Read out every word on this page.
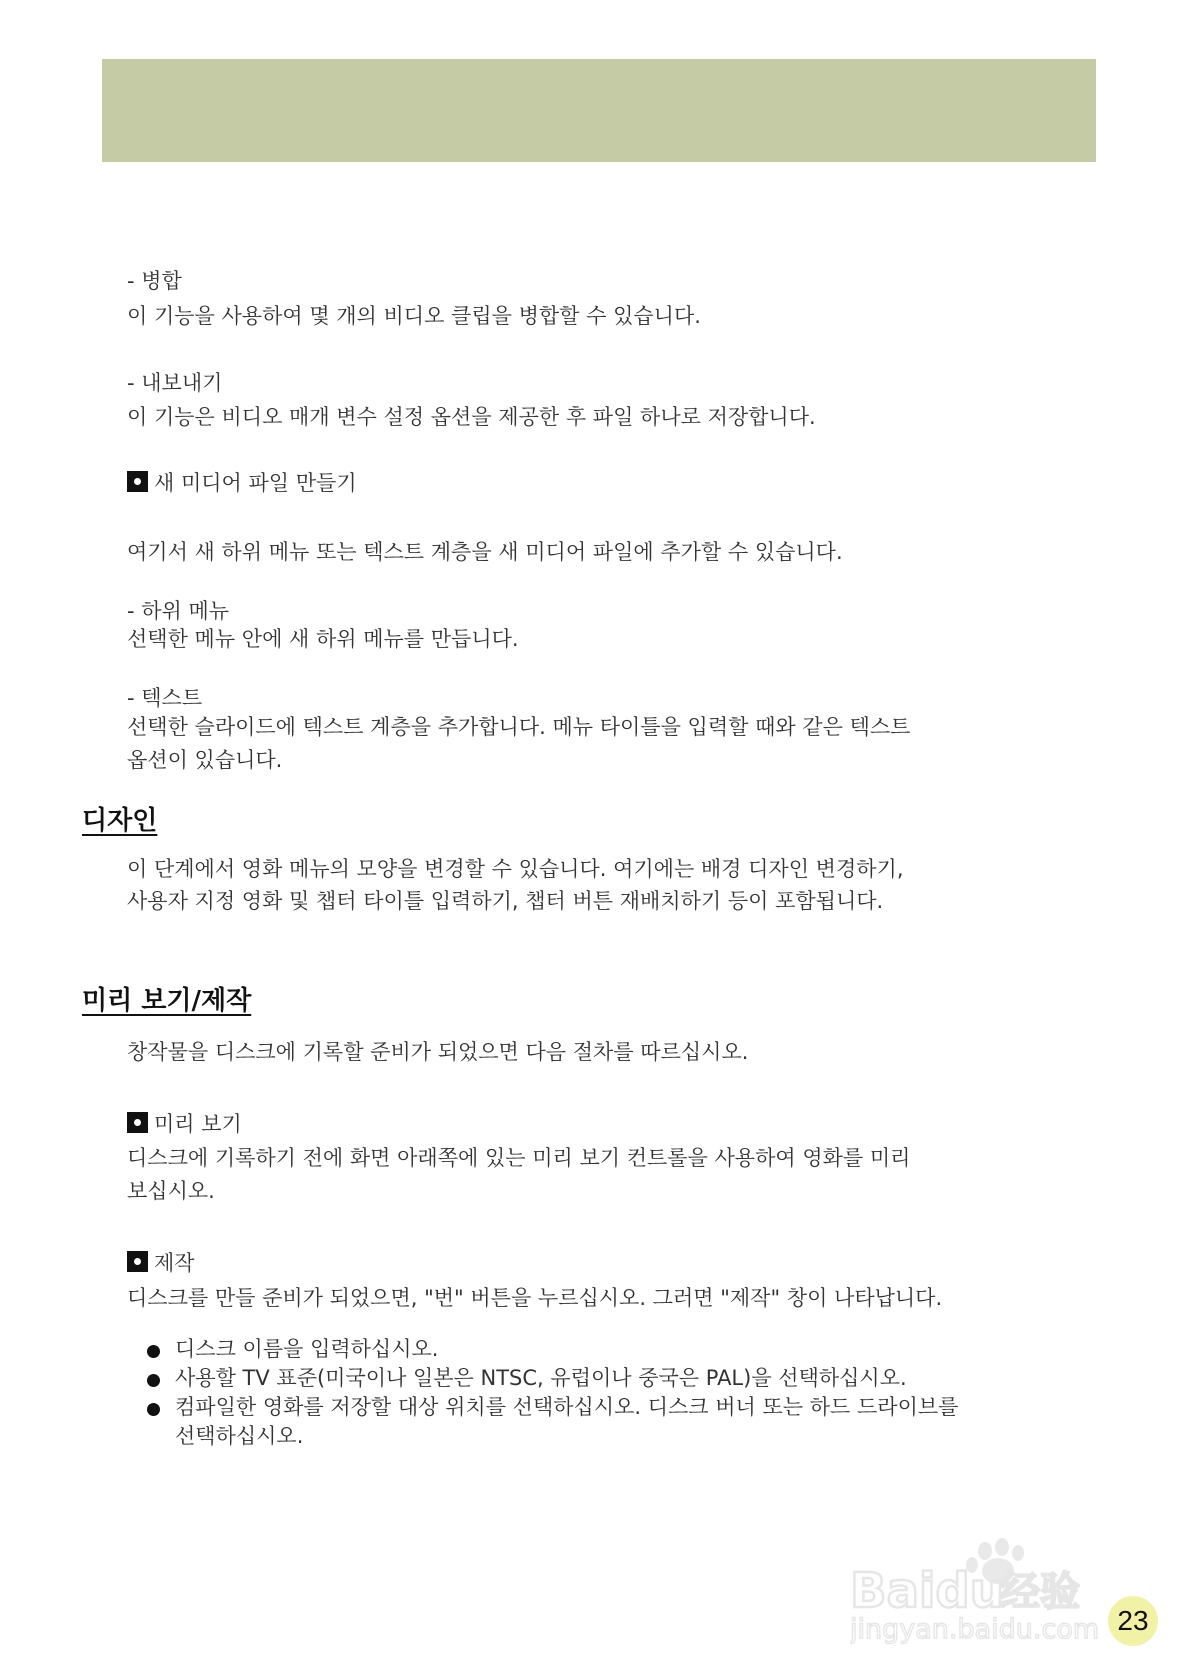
- 병합
이 기능을 사용하여 몇 개의 비디오 클립을 병합할 수 있습니다.
- 내보내기
이 기능은 비디오 매개 변수 설정 옵션을 제공한 후 파일 하나로 저장합니다.
새 미디어 파일 만들기
여기서 새 하위 메뉴 또는 텍스트 계층을 새 미디어 파일에 추가할 수 있습니다.
- 하위 메뉴
선택한 메뉴 안에 새 하위 메뉴를 만듭니다.
- 텍스트
선택한 슬라이드에 텍스트 계층을 추가합니다. 메뉴 타이틀을 입력할 때와 같은 텍스트
옵션이 있습니다.
디자인
이 단계에서 영화 메뉴의 모양을 변경할 수 있습니다. 여기에는 배경 디자인 변경하기,
사용자 지정 영화 및 챕터 타이틀 입력하기, 챕터 버튼 재배치하기 등이 포함됩니다.
미리 보기/제작
창작물을 디스크에 기록할 준비가 되었으면 다음 절차를 따르십시오.
미리 보기
디스크에 기록하기 전에 화면 아래쪽에 있는 미리 보기 컨트롤을 사용하여 영화를 미리
보십시오.
제작
디스크를 만들 준비가 되었으면, "번" 버튼을 누르십시오. 그러면 "제작" 창이 나타납니다.
디스크 이름을 입력하십시오.
사용할 TV 표준(미국이나 일본은 NTSC, 유럽이나 중국은 PAL)을 선택하십시오.
컴파일한 영화를 저장할 대상 위치를 선택하십시오. 디스크 버너 또는 하드 드라이브를
선택하십시오.
Baidu
经验
jingyan.baidu.com 23
